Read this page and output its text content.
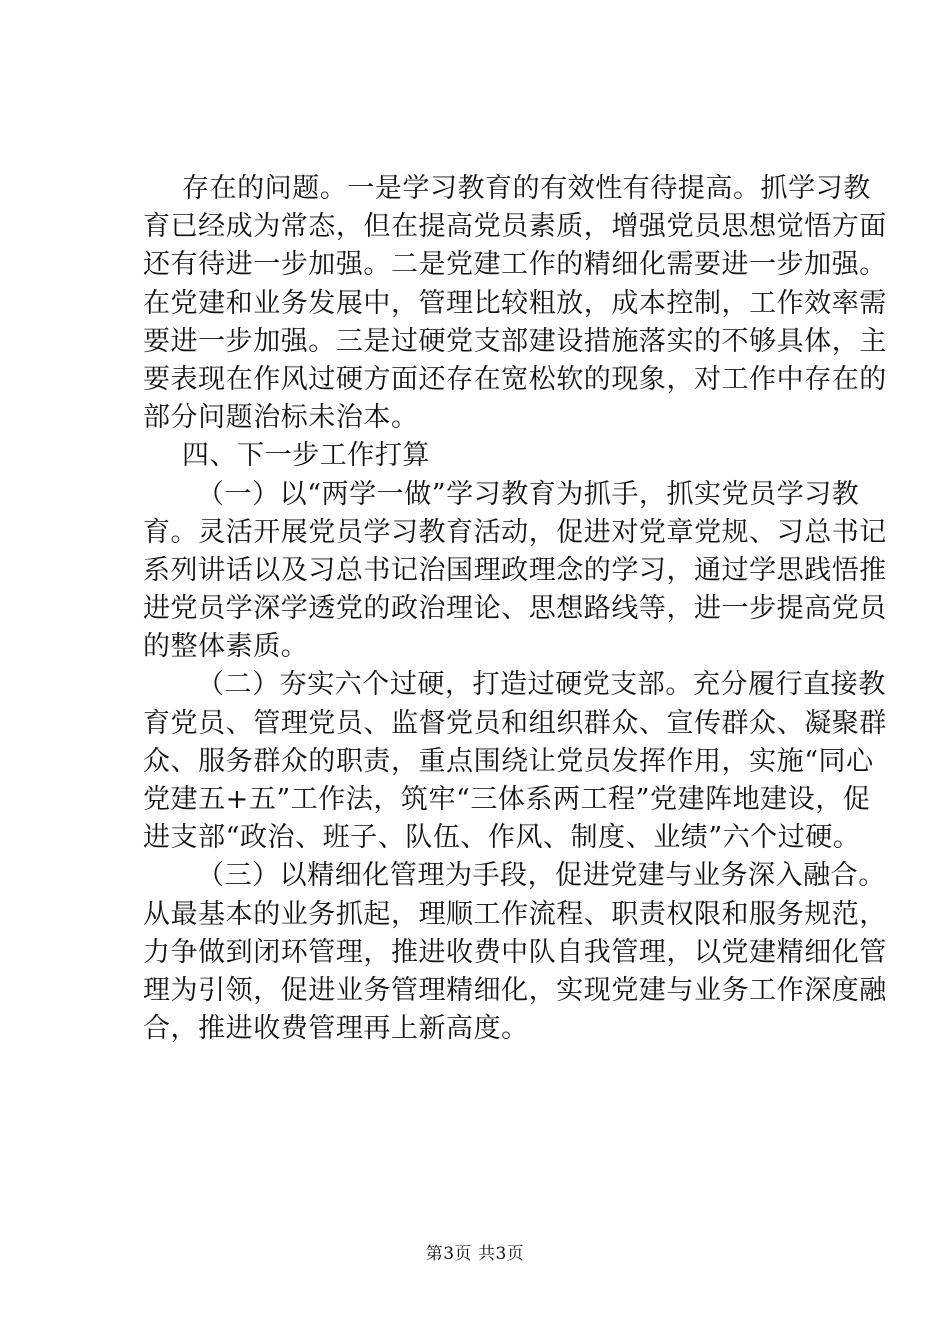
存在的问题。一是学习教育的有效性有待提高。抓学习教
育已经成为常态，但在提高党员素质，增强党员思想觉悟方面
还有待进一步加强。二是党建工作的精细化需要进一步加强。
在党建和业务发展中，管理比较粗放，成本控制，工作效率需
要进一步加强。三是过硬党支部建设措施落实的不够具体，主
要表现在作风过硬方面还存在宽松软的现象，对工作中存在的
部分问题治标未治本。
四、下一步工作打算
（一）以“两学一做”学习教育为抓手，抓实党员学习教
育。灵活开展党员学习教育活动，促进对党章党规、习总书记
系列讲话以及习总书记治国理政理念的学习，通过学思践悟推
进党员学深学透党的政治理论、思想路线等，进一步提高党员
的整体素质。
（二）夯实六个过硬，打造过硬党支部。充分履行直接教
育党员、管理党员、监督党员和组织群众、宣传群众、凝聚群
众、服务群众的职责，重点围绕让党员发挥作用，实施“同心
党建五+五”工作法，筑牢“三体系两工程”党建阵地建设，促
进支部“政治、班子、队伍、作风、制度、业绩”六个过硬。
（三）以精细化管理为手段，促进党建与业务深入融合。
从最基本的业务抓起，理顺工作流程、职责权限和服务规范，
力争做到闭环管理，推进收费中队自我管理，以党建精细化管
理为引领，促进业务管理精细化，实现党建与业务工作深度融
合，推进收费管理再上新高度。
第3页 共3页
